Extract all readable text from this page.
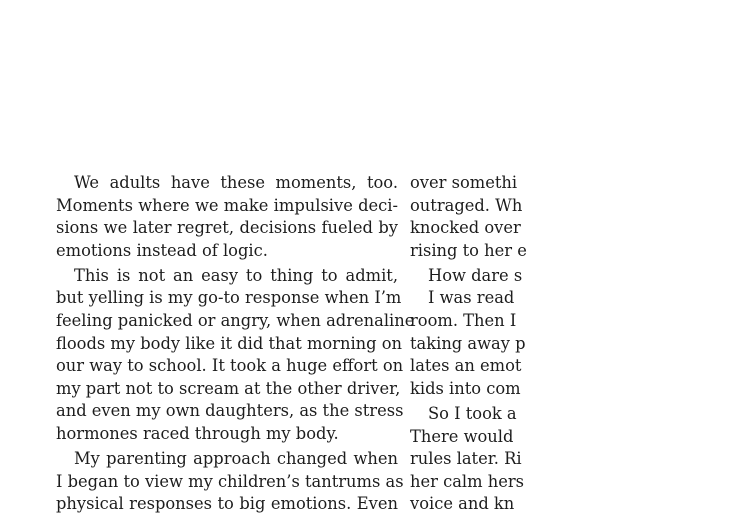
We adults have these moments, too.
Moments where we make impulsive deci-
sions we later regret, decisions fueled by
emotions instead of logic.
This is not an easy to thing to admit,
but yelling is my go-to response when I’m
feeling panicked or angry, when adrenaline
floods my body like it did that morning on
our way to school. It took a huge effort on
my part not to scream at the other driver,
and even my own daughters, as the stress
hormones raced through my body.
My parenting approach changed when
I began to view my children’s tantrums as
physical responses to big emotions. Even
over somethi
outraged. Wh
knocked over
rising to her e
How dare s
I was read
room. Then I
taking away p
lates an emot
kids into com
So I took a
There would
rules later. Ri
her calm hers
voice and kn
